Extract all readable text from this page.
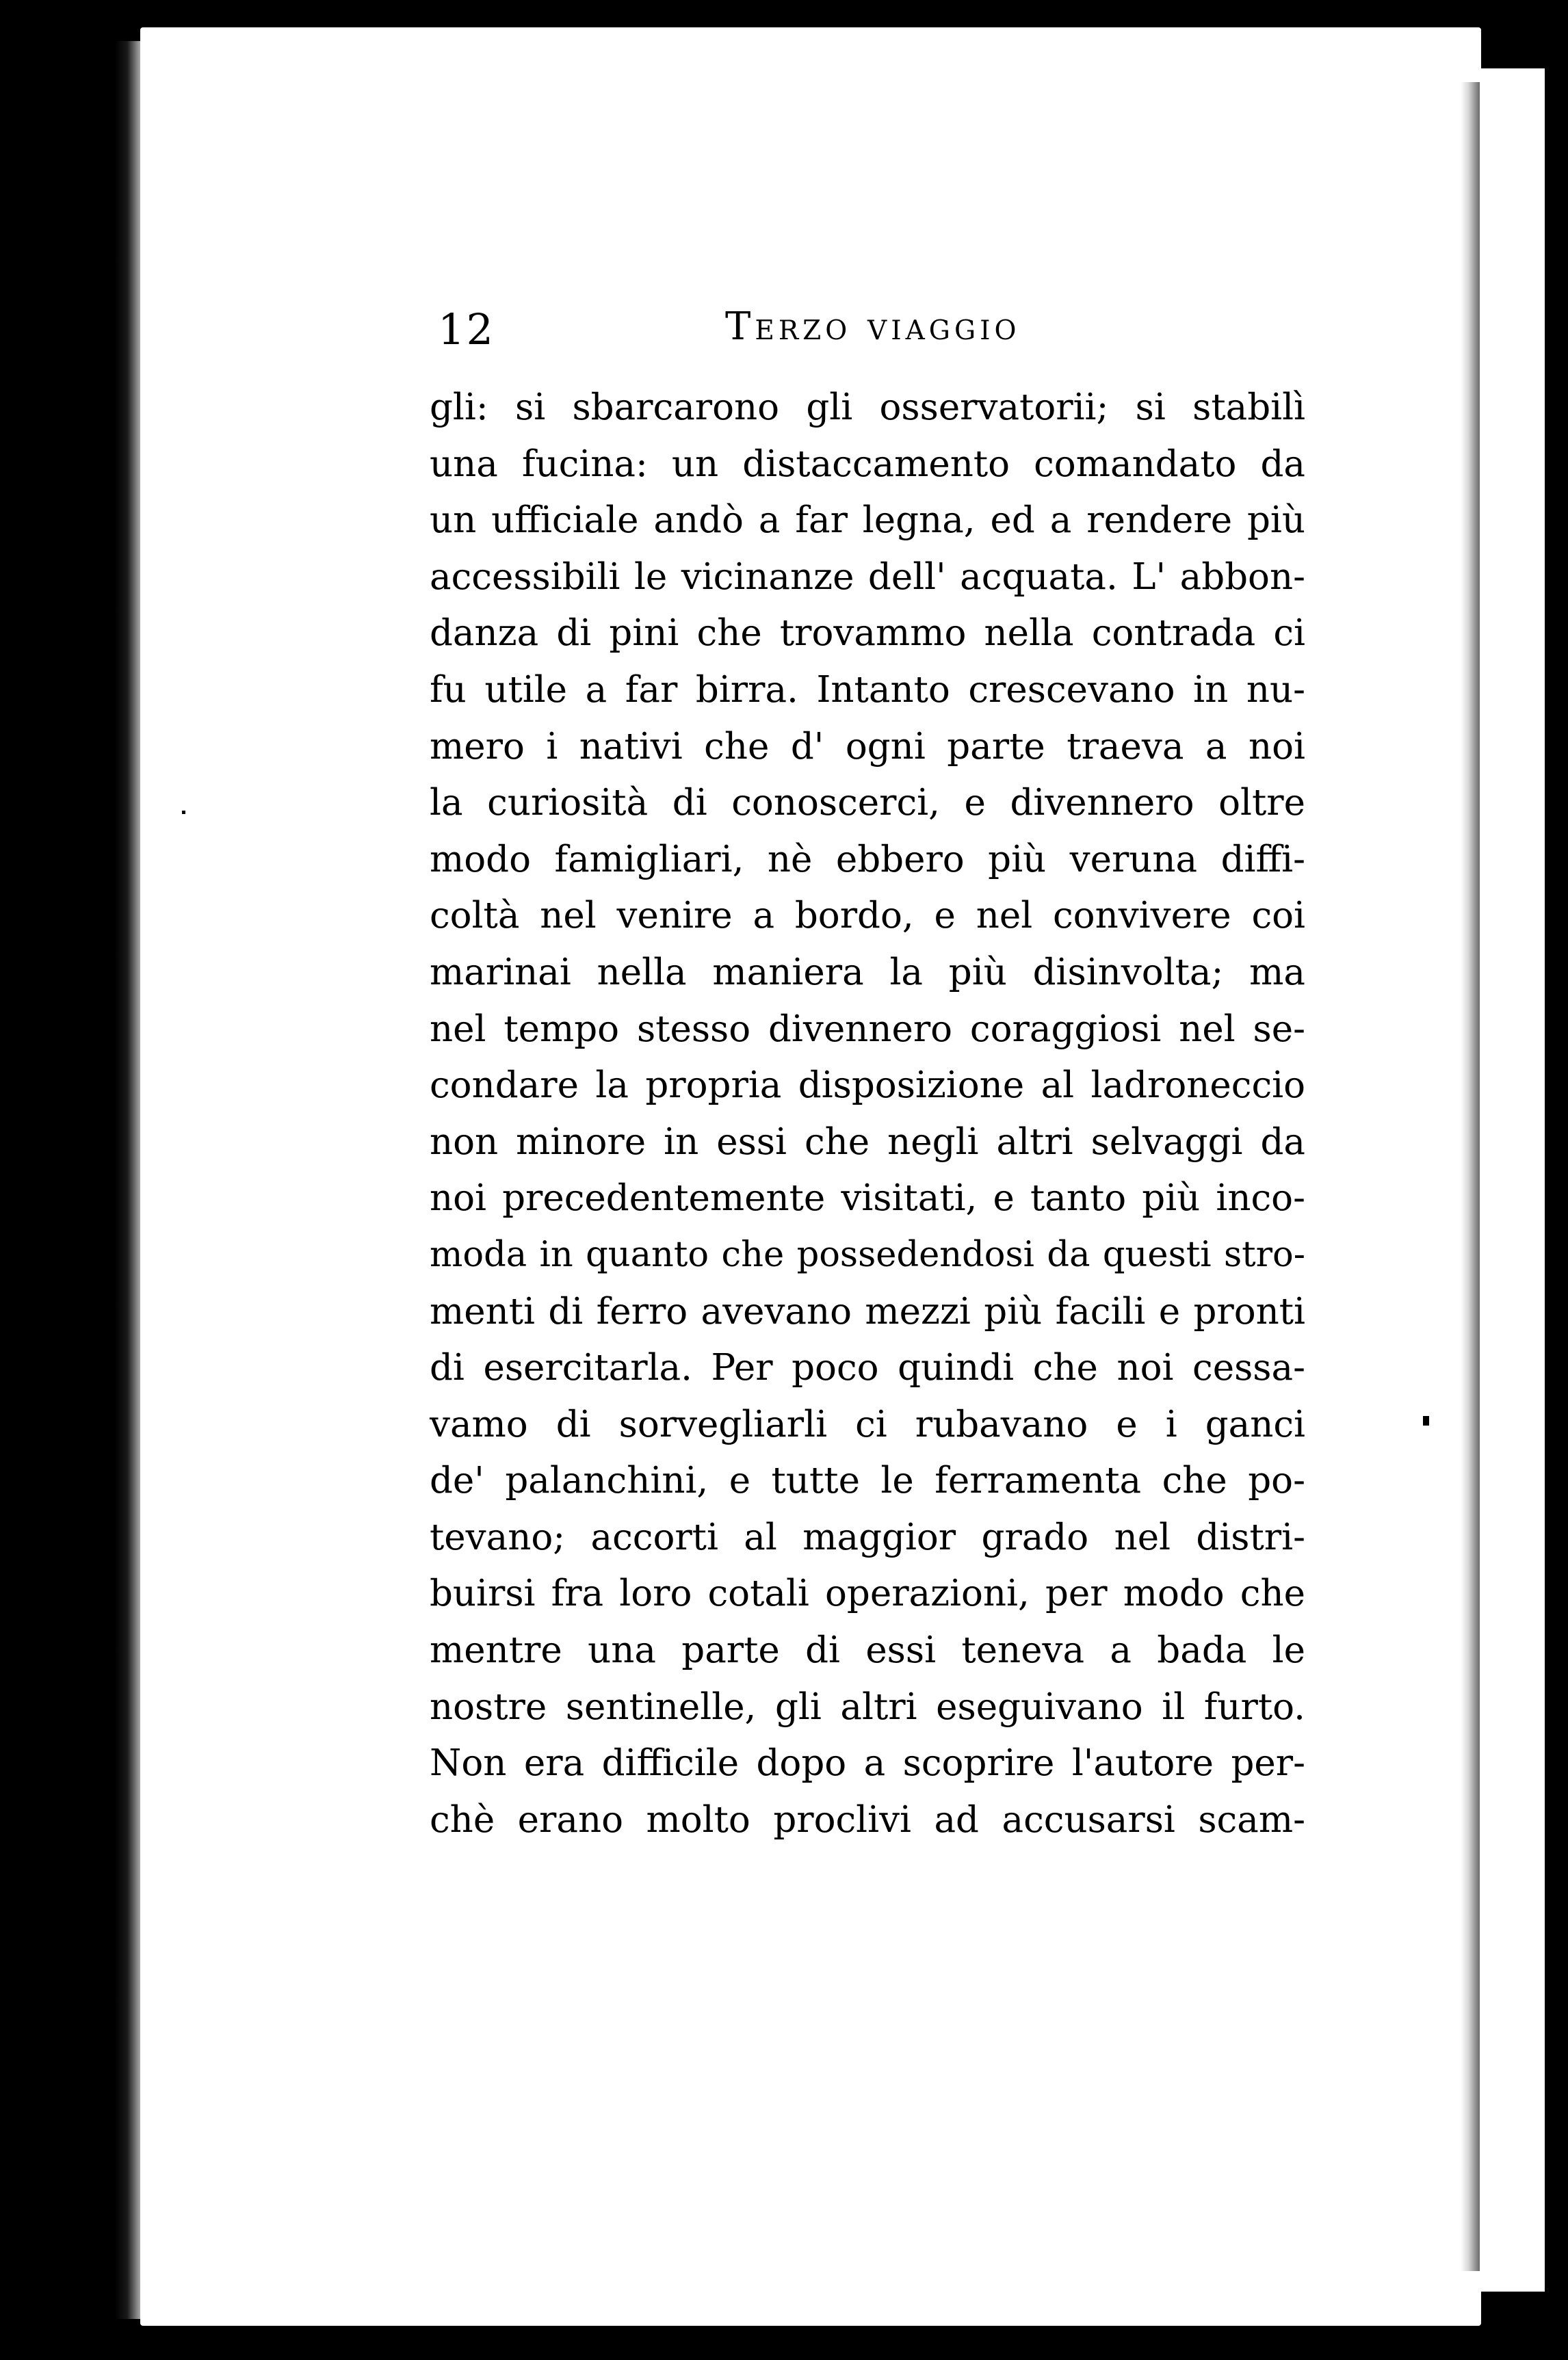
12	Terzo viaggio
gli: si sbarcarono gli osservatorii; si stabilì
una fucina: un distaccamento comandato da
un ufficiale andò a far legna, ed a rendere più
accessibili le vicinanze dell' acquata. L' abbon-
danza di pini che trovammo nella contrada ci
fu utile a far birra. Intanto crescevano in nu-
mero i nativi che d' ogni parte traeva a noi
la curiosità di conoscerci, e divennero oltre
modo famigliari, nè ebbero più veruna diffi-
coltà nel venire a bordo, e nel convivere coi
marinai nella maniera la più disinvolta; ma
nel tempo stesso divennero coraggiosi nel se-
condare la propria disposizione al ladroneccio
non minore in essi che negli altri selvaggi da
noi precedentemente visitati, e tanto più inco-
moda in quanto che possedendosi da questi stro-
menti di ferro avevano mezzi più facili e pronti
di esercitarla. Per poco quindi che noi cessa-
vamo di sorvegliarli ci rubavano e i ganci
de' palanchini, e tutte le ferramenta che po-
tevano; accorti al maggior grado nel distri-
buirsi fra loro cotali operazioni, per modo che
mentre una parte di essi teneva a bada le
nostre sentinelle, gli altri eseguivano il furto.
Non era difficile dopo a scoprire l'autore per-
chè erano molto proclivi ad accusarsi scam-
